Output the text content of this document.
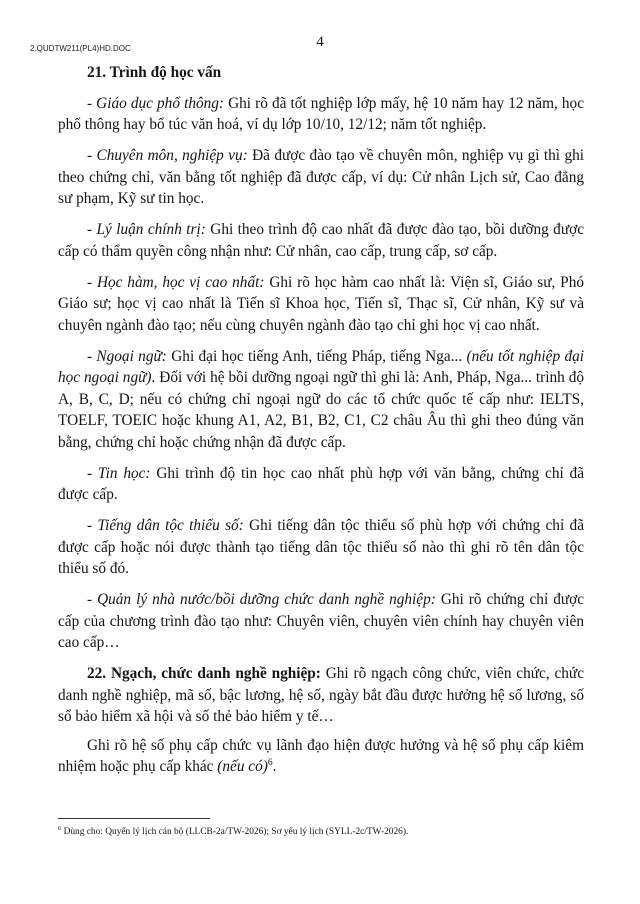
2.QUDTW211(PL4)HD.DOC	4

21. Trình độ học vấn

- Giáo dục phổ thông: Ghi rõ đã tốt nghiệp lớp mấy, hệ 10 năm hay 12 năm, học phổ thông hay bổ túc văn hoá, ví dụ lớp 10/10, 12/12; năm tốt nghiệp.

- Chuyên môn, nghiệp vụ: Đã được đào tạo về chuyên môn, nghiệp vụ gì thì ghi theo chứng chỉ, văn bằng tốt nghiệp đã được cấp, ví dụ: Cử nhân Lịch sử, Cao đẳng sư phạm, Kỹ sư tin học.

- Lý luận chính trị: Ghi theo trình độ cao nhất đã được đào tạo, bồi dưỡng được cấp có thẩm quyền công nhận như: Cử nhân, cao cấp, trung cấp, sơ cấp.

- Học hàm, học vị cao nhất: Ghi rõ học hàm cao nhất là: Viện sĩ, Giáo sư, Phó Giáo sư; học vị cao nhất là Tiến sĩ Khoa học, Tiến sĩ, Thạc sĩ, Cử nhân, Kỹ sư và chuyên ngành đào tạo; nếu cùng chuyên ngành đào tạo chỉ ghi học vị cao nhất.

- Ngoại ngữ: Ghi đại học tiếng Anh, tiếng Pháp, tiếng Nga... (nếu tốt nghiệp đại học ngoại ngữ). Đối với hệ bồi dưỡng ngoại ngữ thì ghi là: Anh, Pháp, Nga... trình độ A, B, C, D; nếu có chứng chỉ ngoại ngữ do các tổ chức quốc tế cấp như: IELTS, TOELF, TOEIC hoặc khung A1, A2, B1, B2, C1, C2 châu Âu thì ghi theo đúng văn bằng, chứng chỉ hoặc chứng nhận đã được cấp.

- Tin học: Ghi trình độ tin học cao nhất phù hợp với văn bằng, chứng chỉ đã được cấp.

- Tiếng dân tộc thiểu số: Ghi tiếng dân tộc thiểu số phù hợp với chứng chỉ đã được cấp hoặc nói được thành tạo tiếng dân tộc thiểu số nào thì ghi rõ tên dân tộc thiểu số đó.

- Quản lý nhà nước/bồi dưỡng chức danh nghề nghiệp: Ghi rõ chứng chỉ được cấp của chương trình đào tạo như: Chuyên viên, chuyên viên chính hay chuyên viên cao cấp…

22. Ngạch, chức danh nghề nghiệp: Ghi rõ ngạch công chức, viên chức, chức danh nghề nghiệp, mã số, bậc lương, hệ số, ngày bắt đầu được hưởng hệ số lương, số sổ bảo hiểm xã hội và số thẻ bảo hiểm y tế…

Ghi rõ hệ số phụ cấp chức vụ lãnh đạo hiện được hưởng và hệ số phụ cấp kiêm nhiệm hoặc phụ cấp khác (nếu có)$^6$.

$^6$ Dùng cho: Quyển lý lịch cán bộ (LLCB-2a/TW-2026); Sơ yếu lý lịch (SYLL-2c/TW-2026).
